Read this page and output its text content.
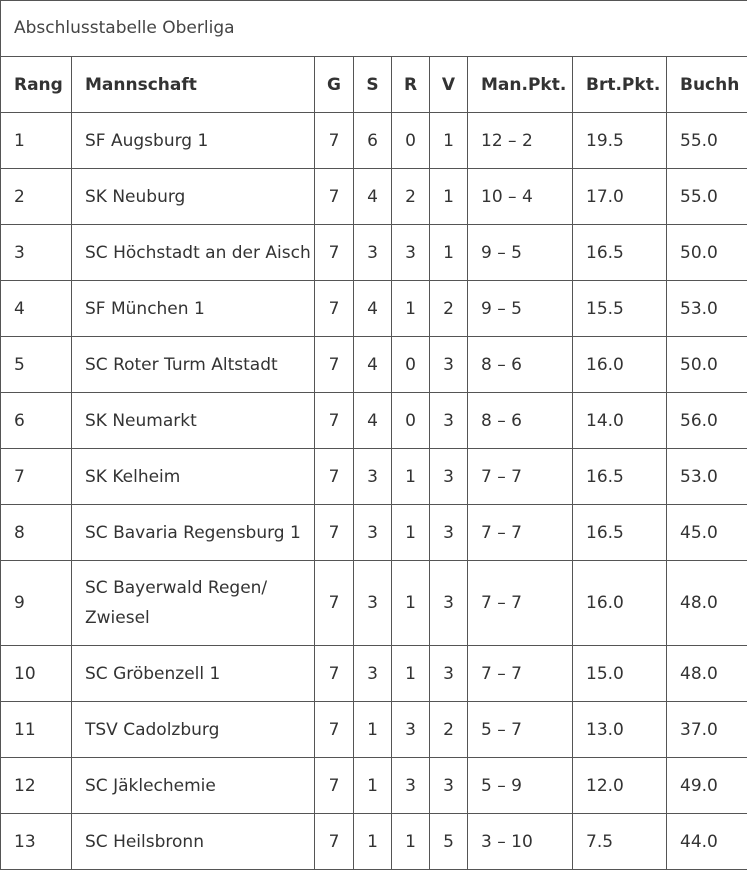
Abschlusstabelle Oberliga
Rang	Mannschaft	G	S	R	V	Man.Pkt.	Brt.Pkt.	Buchh
1	SF Augsburg 1	7	6	0	1	12 – 2	19.5	55.0
2	SK Neuburg	7	4	2	1	10 – 4	17.0	55.0
3	SC Höchstadt an der Aisch	7	3	3	1	9 – 5	16.5	50.0
4	SF München 1	7	4	1	2	9 – 5	15.5	53.0
5	SC Roter Turm Altstadt	7	4	0	3	8 – 6	16.0	50.0
6	SK Neumarkt	7	4	0	3	8 – 6	14.0	56.0
7	SK Kelheim	7	3	1	3	7 – 7	16.5	53.0
8	SC Bavaria Regensburg 1	7	3	1	3	7 – 7	16.5	45.0
9	SC Bayerwald Regen/ Zwiesel	7	3	1	3	7 – 7	16.0	48.0
10	SC Gröbenzell 1	7	3	1	3	7 – 7	15.0	48.0
11	TSV Cadolzburg	7	1	3	2	5 – 7	13.0	37.0
12	SC Jäklechemie	7	1	3	3	5 – 9	12.0	49.0
13	SC Heilsbronn	7	1	1	5	3 – 10	7.5	44.0
